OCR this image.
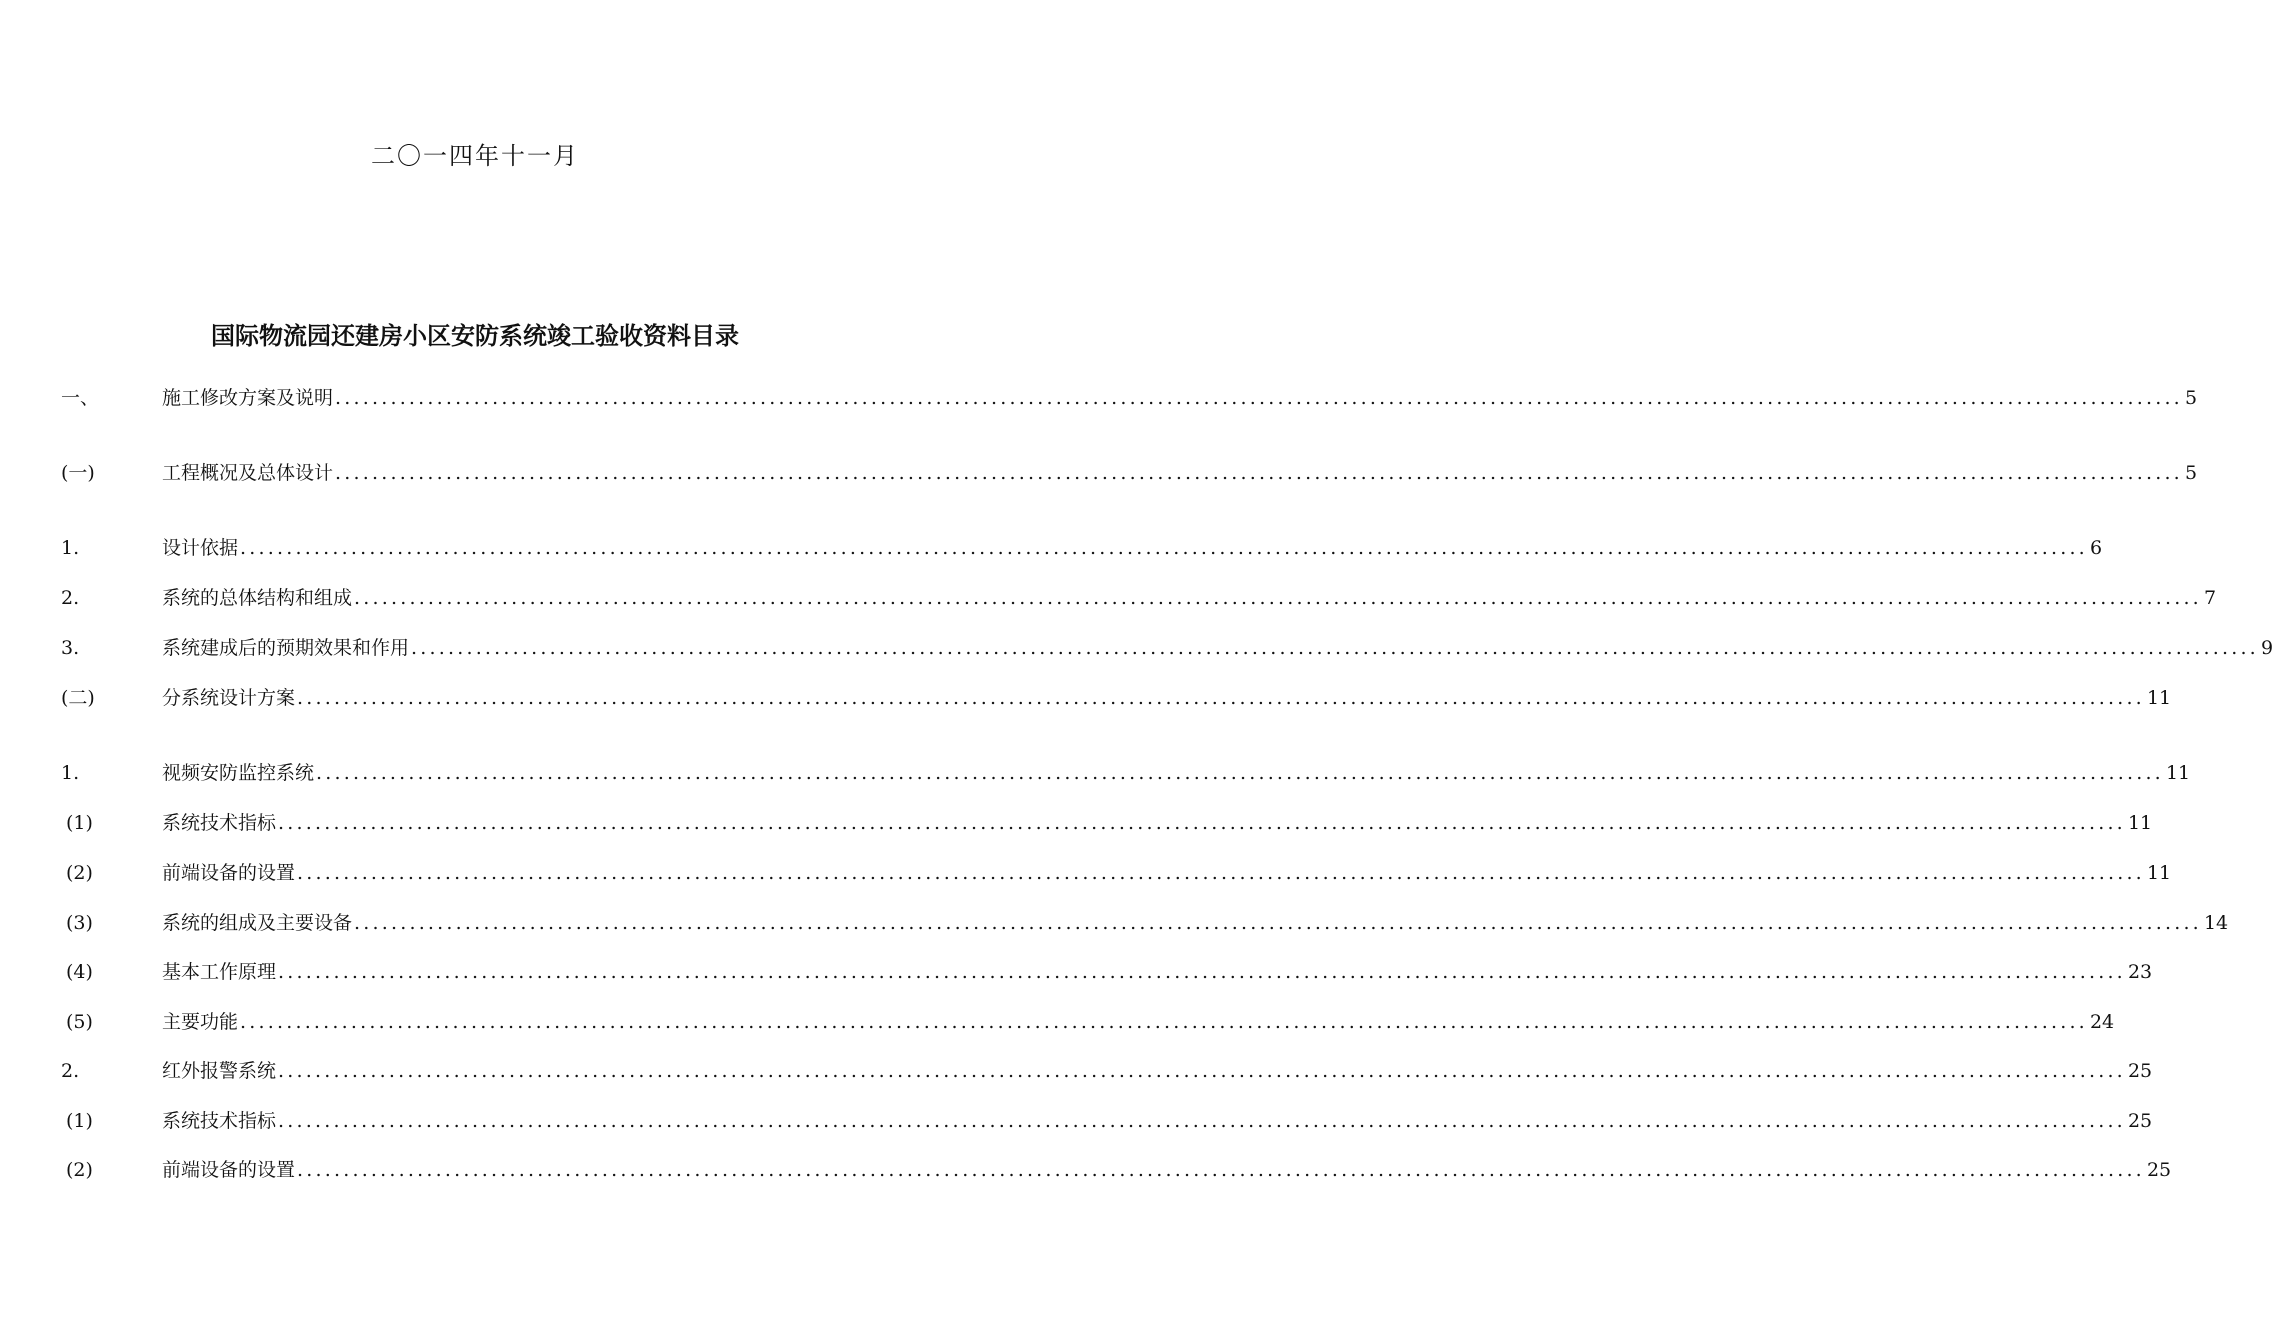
二〇一四年十一月
国际物流园还建房小区安防系统竣工验收资料目录
一、	施工修改方案及说明 ........................................................................................................................................................................................................ 5
(一)	工程概况及总体设计 ........................................................................................................................................................................................................ 5
1.	设计依据 ........................................................................................................................................................................................................ 6
2.	系统的总体结构和组成 ........................................................................................................................................................................................................ 7
3.	系统建成后的预期效果和作用 ........................................................................................................................................................................................................ 9
(二)	分系统设计方案 ........................................................................................................................................................................................................ 11
1.	视频安防监控系统 ........................................................................................................................................................................................................ 11
(1)	系统技术指标 ........................................................................................................................................................................................................ 11
(2)	前端设备的设置 ........................................................................................................................................................................................................ 11
(3)	系统的组成及主要设备 ........................................................................................................................................................................................................ 14
(4)	基本工作原理 ........................................................................................................................................................................................................ 23
(5)	主要功能 ........................................................................................................................................................................................................ 24
2.	红外报警系统 ........................................................................................................................................................................................................ 25
(1)	系统技术指标 ........................................................................................................................................................................................................ 25
(2)	前端设备的设置 ........................................................................................................................................................................................................ 25
